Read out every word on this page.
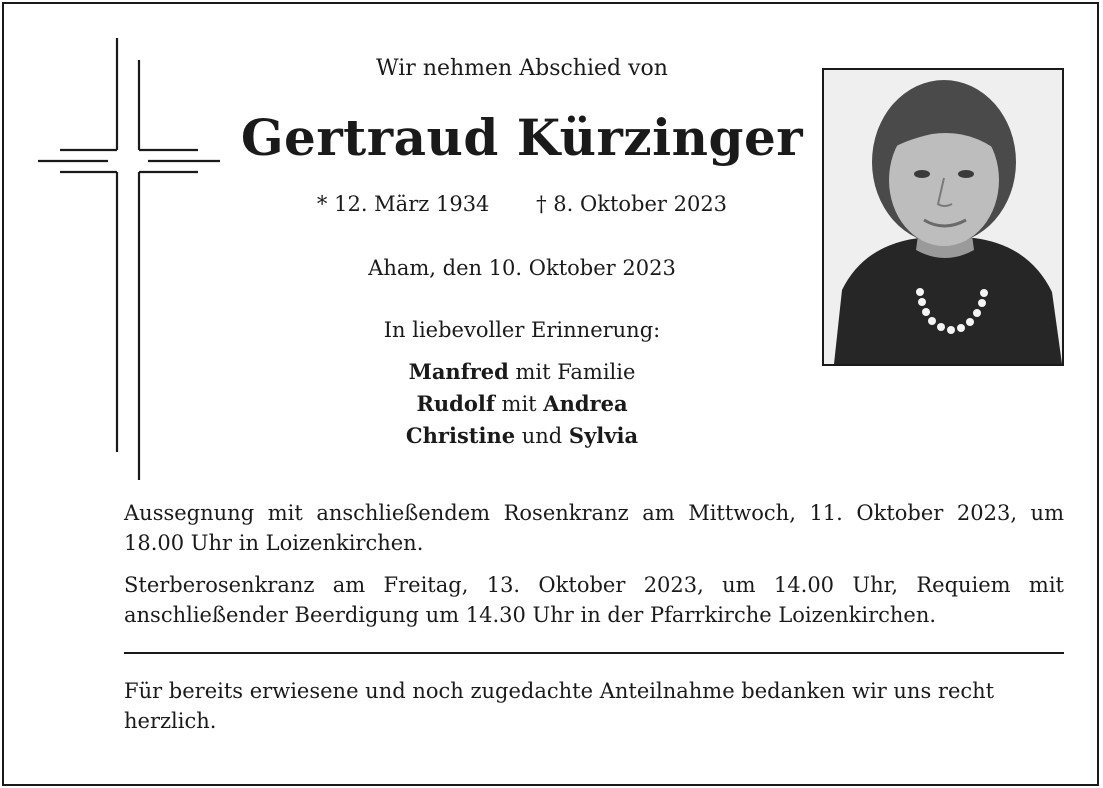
Wir nehmen Abschied von
Gertraud Kürzinger
* 12. März 1934 † 8. Oktober 2023
Aham, den 10. Oktober 2023
In liebevoller Erinnerung:
Manfred mit Familie
Rudolf mit Andrea
Christine und Sylvia
Aussegnung mit anschließendem Rosenkranz am Mittwoch, 11. Oktober 2023, um 18.00 Uhr in Loizenkirchen.
Sterberosenkranz am Freitag, 13. Oktober 2023, um 14.00 Uhr, Requiem mit anschließender Beerdigung um 14.30 Uhr in der Pfarrkirche Loizenkirchen.
Für bereits erwiesene und noch zugedachte Anteilnahme bedanken wir uns recht herzlich.
